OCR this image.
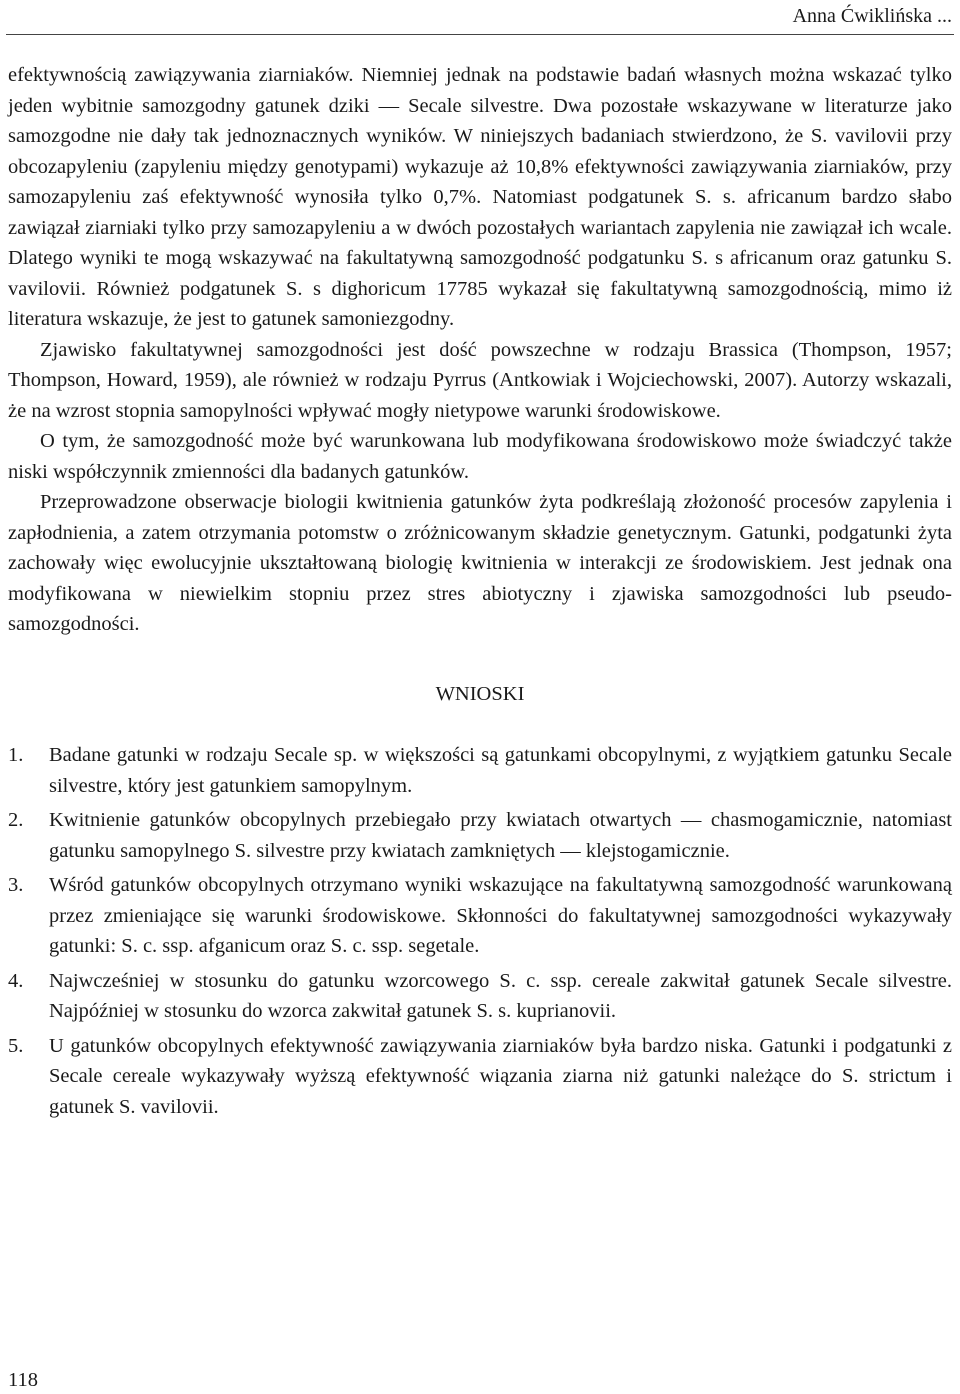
Anna Ćwiklińska ...

efektywnością zawiązywania ziarniaków. Niemniej jednak na podstawie badań własnych można wskazać tylko jeden wybitnie samozgodny gatunek dziki — Secale silvestre. Dwa pozostałe wskazywane w literaturze jako samozgodne nie dały tak jednoznacznych wyników. W niniejszych badaniach stwierdzono, że S. vavilovii przy obcozapyleniu (zapyleniu między genotypami) wykazuje aż 10,8% efektywności zawiązywania ziarniaków, przy samozapyleniu zaś efektywność wynosiła tylko 0,7%. Natomiast podgatunek S. s. africanum bardzo słabo zawiązał ziarniaki tylko przy samozapyleniu a w dwóch pozostałych wariantach zapylenia nie zawiązał ich wcale. Dlatego wyniki te mogą wskazywać na fakultatywną samozgodność podgatunku S. s africanum oraz gatunku S. vavilovii. Również podgatunek S. s dighoricum 17785 wykazał się fakultatywną samozgodnością, mimo iż literatura wskazuje, że jest to gatunek samoniezgodny.

Zjawisko fakultatywnej samozgodności jest dość powszechne w rodzaju Brassica (Thompson, 1957; Thompson, Howard, 1959), ale również w rodzaju Pyrrus (Antkowiak i Wojciechowski, 2007). Autorzy wskazali, że na wzrost stopnia samopylności wpływać mogły nietypowe warunki środowiskowe.

O tym, że samozgodność może być warunkowana lub modyfikowana środowiskowo może świadczyć także niski współczynnik zmienności dla badanych gatunków.

Przeprowadzone obserwacje biologii kwitnienia gatunków żyta podkreślają złożoność procesów zapylenia i zapłodnienia, a zatem otrzymania potomstw o zróżnicowanym składzie genetycznym. Gatunki, podgatunki żyta zachowały więc ewolucyjnie ukształtowaną biologię kwitnienia w interakcji ze środowiskiem. Jest jednak ona modyfikowana w niewielkim stopniu przez stres abiotyczny i zjawiska samozgodności lub pseudo-samozgodności.

WNIOSKI
1. Badane gatunki w rodzaju Secale sp. w większości są gatunkami obcopylnymi, z wyjątkiem gatunku Secale silvestre, który jest gatunkiem samopylnym.
2. Kwitnienie gatunków obcopylnych przebiegało przy kwiatach otwartych — chasmogamicznie, natomiast gatunku samopylnego S. silvestre przy kwiatach zamkniętych — klejstogamicznie.
3. Wśród gatunków obcopylnych otrzymano wyniki wskazujące na fakultatywną samozgodność warunkowaną przez zmieniające się warunki środowiskowe. Skłonności do fakultatywnej samozgodności wykazywały gatunki: S. c. ssp. afganicum oraz S. c. ssp. segetale.
4. Najwcześniej w stosunku do gatunku wzorcowego S. c. ssp. cereale zakwitał gatunek Secale silvestre. Najpóźniej w stosunku do wzorca zakwitał gatunek S. s. kuprianovii.
5. U gatunków obcopylnych efektywność zawiązywania ziarniaków była bardzo niska. Gatunki i podgatunki z Secale cereale wykazywały wyższą efektywność wiązania ziarna niż gatunki należące do S. strictum i gatunek S. vavilovii.
118
